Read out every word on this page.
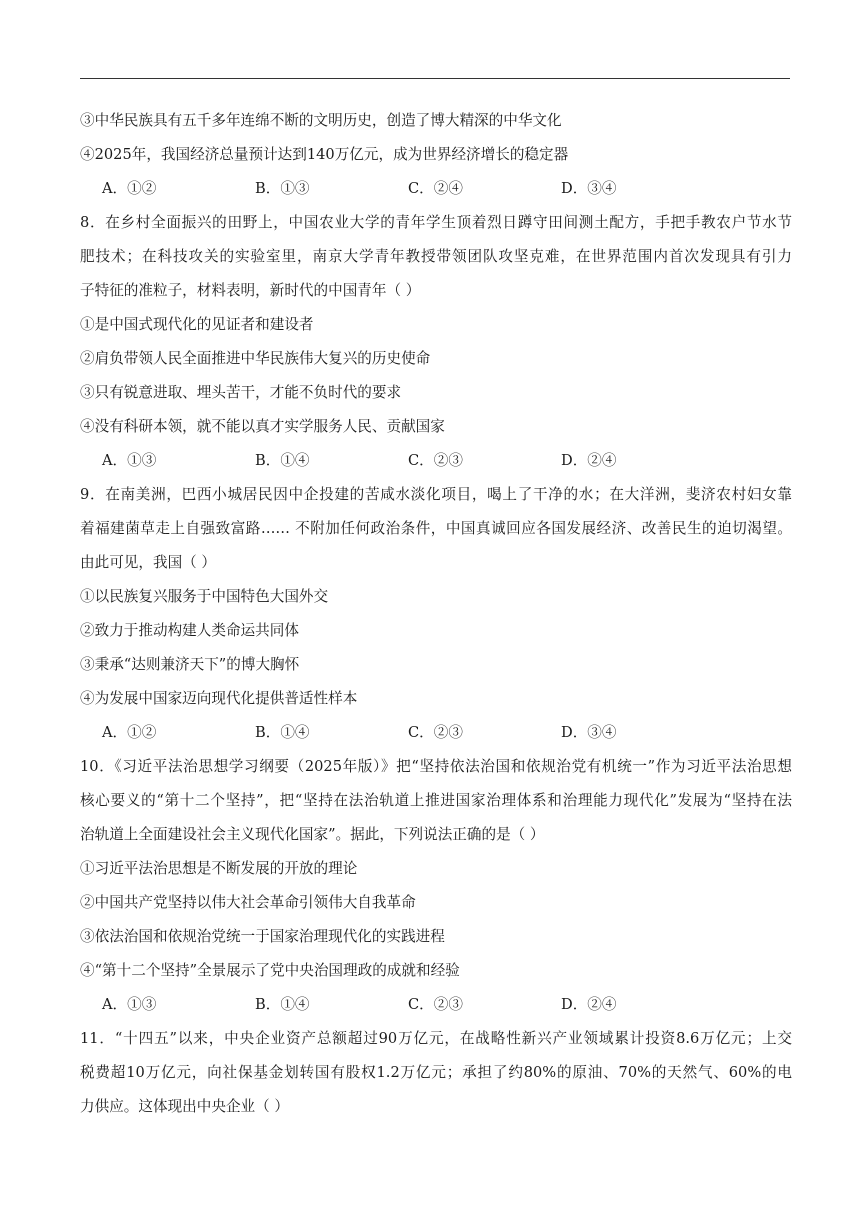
③中华民族具有五千多年连绵不断的文明历史，创造了博大精深的中华文化
④2025年，我国经济总量预计达到140万亿元，成为世界经济增长的稳定器
A．①②	B．①③	C．②④	D．③④
8．在乡村全面振兴的田野上，中国农业大学的青年学生顶着烈日蹲守田间测土配方，手把手教农户节水节
肥技术；在科技攻关的实验室里，南京大学青年教授带领团队攻坚克难，在世界范围内首次发现具有引力
子特征的准粒子，材料表明，新时代的中国青年（ ）
①是中国式现代化的见证者和建设者
②肩负带领人民全面推进中华民族伟大复兴的历史使命
③只有锐意进取、埋头苦干，才能不负时代的要求
④没有科研本领，就不能以真才实学服务人民、贡献国家
A．①③	B．①④	C．②③	D．②④
9．在南美洲，巴西小城居民因中企投建的苦咸水淡化项目，喝上了干净的水；在大洋洲，斐济农村妇女靠
着福建菌草走上自强致富路…… 不附加任何政治条件，中国真诚回应各国发展经济、改善民生的迫切渴望。
由此可见，我国（ ）
①以民族复兴服务于中国特色大国外交
②致力于推动构建人类命运共同体
③秉承“达则兼济天下”的博大胸怀
④为发展中国家迈向现代化提供普适性样本
A．①②	B．①④	C．②③	D．③④
10．《习近平法治思想学习纲要（2025年版）》把“坚持依法治国和依规治党有机统一”作为习近平法治思想
核心要义的“第十二个坚持”，把“坚持在法治轨道上推进国家治理体系和治理能力现代化”发展为“坚持在法
治轨道上全面建设社会主义现代化国家”。据此，下列说法正确的是（ ）
①习近平法治思想是不断发展的开放的理论
②中国共产党坚持以伟大社会革命引领伟大自我革命
③依法治国和依规治党统一于国家治理现代化的实践进程
④“第十二个坚持”全景展示了党中央治国理政的成就和经验
A．①③	B．①④	C．②③	D．②④
11．“十四五”以来，中央企业资产总额超过90万亿元，在战略性新兴产业领域累计投资8.6万亿元；上交
税费超10万亿元，向社保基金划转国有股权1.2万亿元；承担了约80%的原油、70%的天然气、60%的电
力供应。这体现出中央企业（ ）
